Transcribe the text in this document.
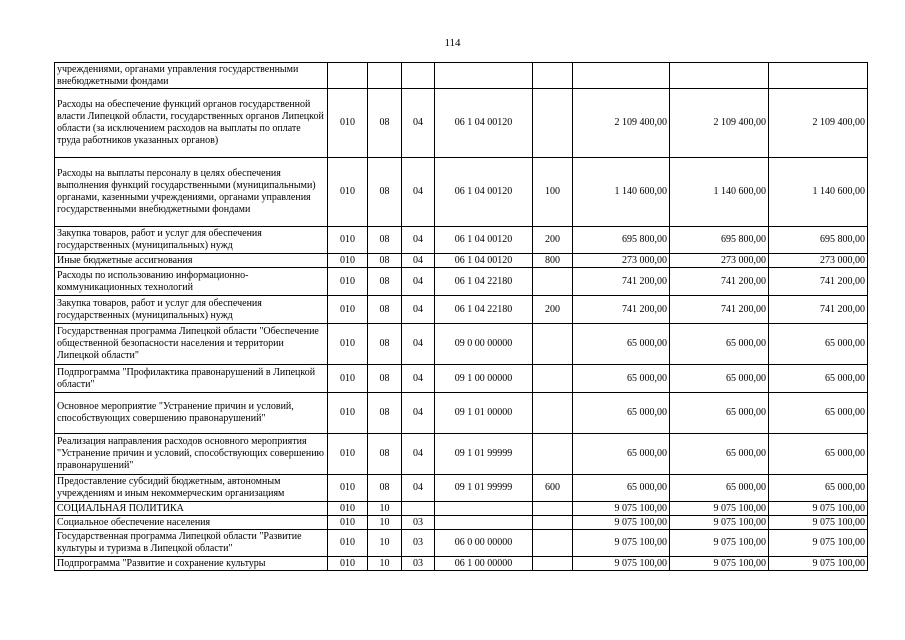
114
учреждениями, органами управления государственными внебюджетными фондами								
Расходы на обеспечение функций органов государственной власти Липецкой области, государственных органов Липецкой области (за исключением расходов на выплаты по оплате труда работников указанных органов)	010	08	04	06 1 04 00120		2 109 400,00	2 109 400,00	2 109 400,00
Расходы на выплаты персоналу в целях обеспечения выполнения функций государственными (муниципальными) органами, казенными учреждениями, органами управления государственными внебюджетными фондами	010	08	04	06 1 04 00120	100	1 140 600,00	1 140 600,00	1 140 600,00
Закупка товаров, работ и услуг для обеспечения государственных (муниципальных) нужд	010	08	04	06 1 04 00120	200	695 800,00	695 800,00	695 800,00
Иные бюджетные ассигнования	010	08	04	06 1 04 00120	800	273 000,00	273 000,00	273 000,00
Расходы по использованию информационно-коммуникационных технологий	010	08	04	06 1 04 22180		741 200,00	741 200,00	741 200,00
Закупка товаров, работ и услуг для обеспечения государственных (муниципальных) нужд	010	08	04	06 1 04 22180	200	741 200,00	741 200,00	741 200,00
Государственная программа Липецкой области "Обеспечение общественной безопасности населения и территории Липецкой области"	010	08	04	09 0 00 00000		65 000,00	65 000,00	65 000,00
Подпрограмма "Профилактика правонарушений в Липецкой области"	010	08	04	09 1 00 00000		65 000,00	65 000,00	65 000,00
Основное мероприятие "Устранение причин и условий, способствующих совершению правонарушений"	010	08	04	09 1 01 00000		65 000,00	65 000,00	65 000,00
Реализация направления расходов основного мероприятия "Устранение причин и условий, способствующих совершению правонарушений"	010	08	04	09 1 01 99999		65 000,00	65 000,00	65 000,00
Предоставление субсидий бюджетным, автономным учреждениям и иным некоммерческим организациям	010	08	04	09 1 01 99999	600	65 000,00	65 000,00	65 000,00
СОЦИАЛЬНАЯ ПОЛИТИКА	010	10				9 075 100,00	9 075 100,00	9 075 100,00
Социальное обеспечение населения	010	10	03			9 075 100,00	9 075 100,00	9 075 100,00
Государственная программа Липецкой области "Развитие культуры и туризма в Липецкой области"	010	10	03	06 0 00 00000		9 075 100,00	9 075 100,00	9 075 100,00
Подпрограмма "Развитие и сохранение культуры	010	10	03	06 1 00 00000		9 075 100,00	9 075 100,00	9 075 100,00
